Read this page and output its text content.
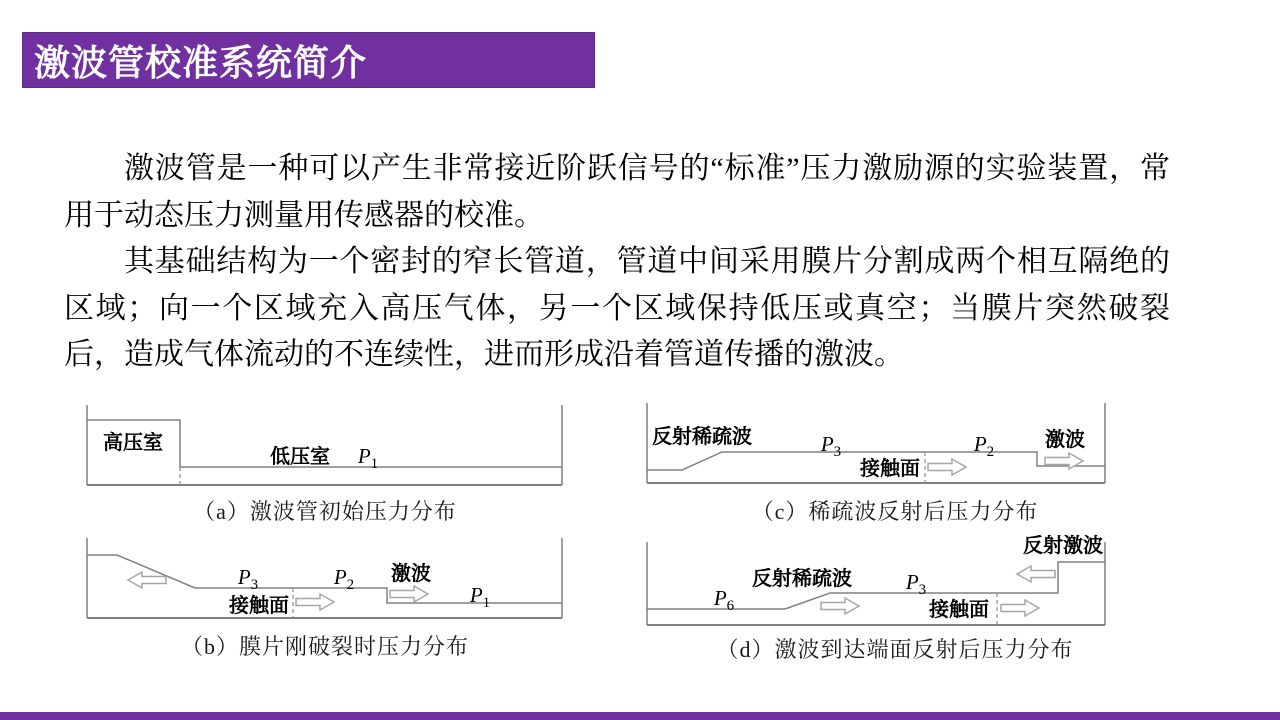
激波管校准系统简介

激波管是一种可以产生非常接近阶跃信号的“标准”压力激励源的实验装置，常用于动态压力测量用传感器的校准。

其基础结构为一个密封的窄长管道，管道中间采用膜片分割成两个相互隔绝的区域；向一个区域充入高压气体，另一个区域保持低压或真空；当膜片突然破裂后，造成气体流动的不连续性，进而形成沿着管道传播的激波。

高压室
低压室 $P_1$
（a）激波管初始压力分布
$P_3$
接触面
$P_2$ 激波
$P_1$
（b）膜片刚破裂时压力分布
反射稀疏波	$P_3$
接触面
$P_2$
激波
（c）稀疏波反射后压力分布
$P_6$
反射稀疏波	$P_3$
接触面
反射激波
（d）激波到达端面反射后压力分布
